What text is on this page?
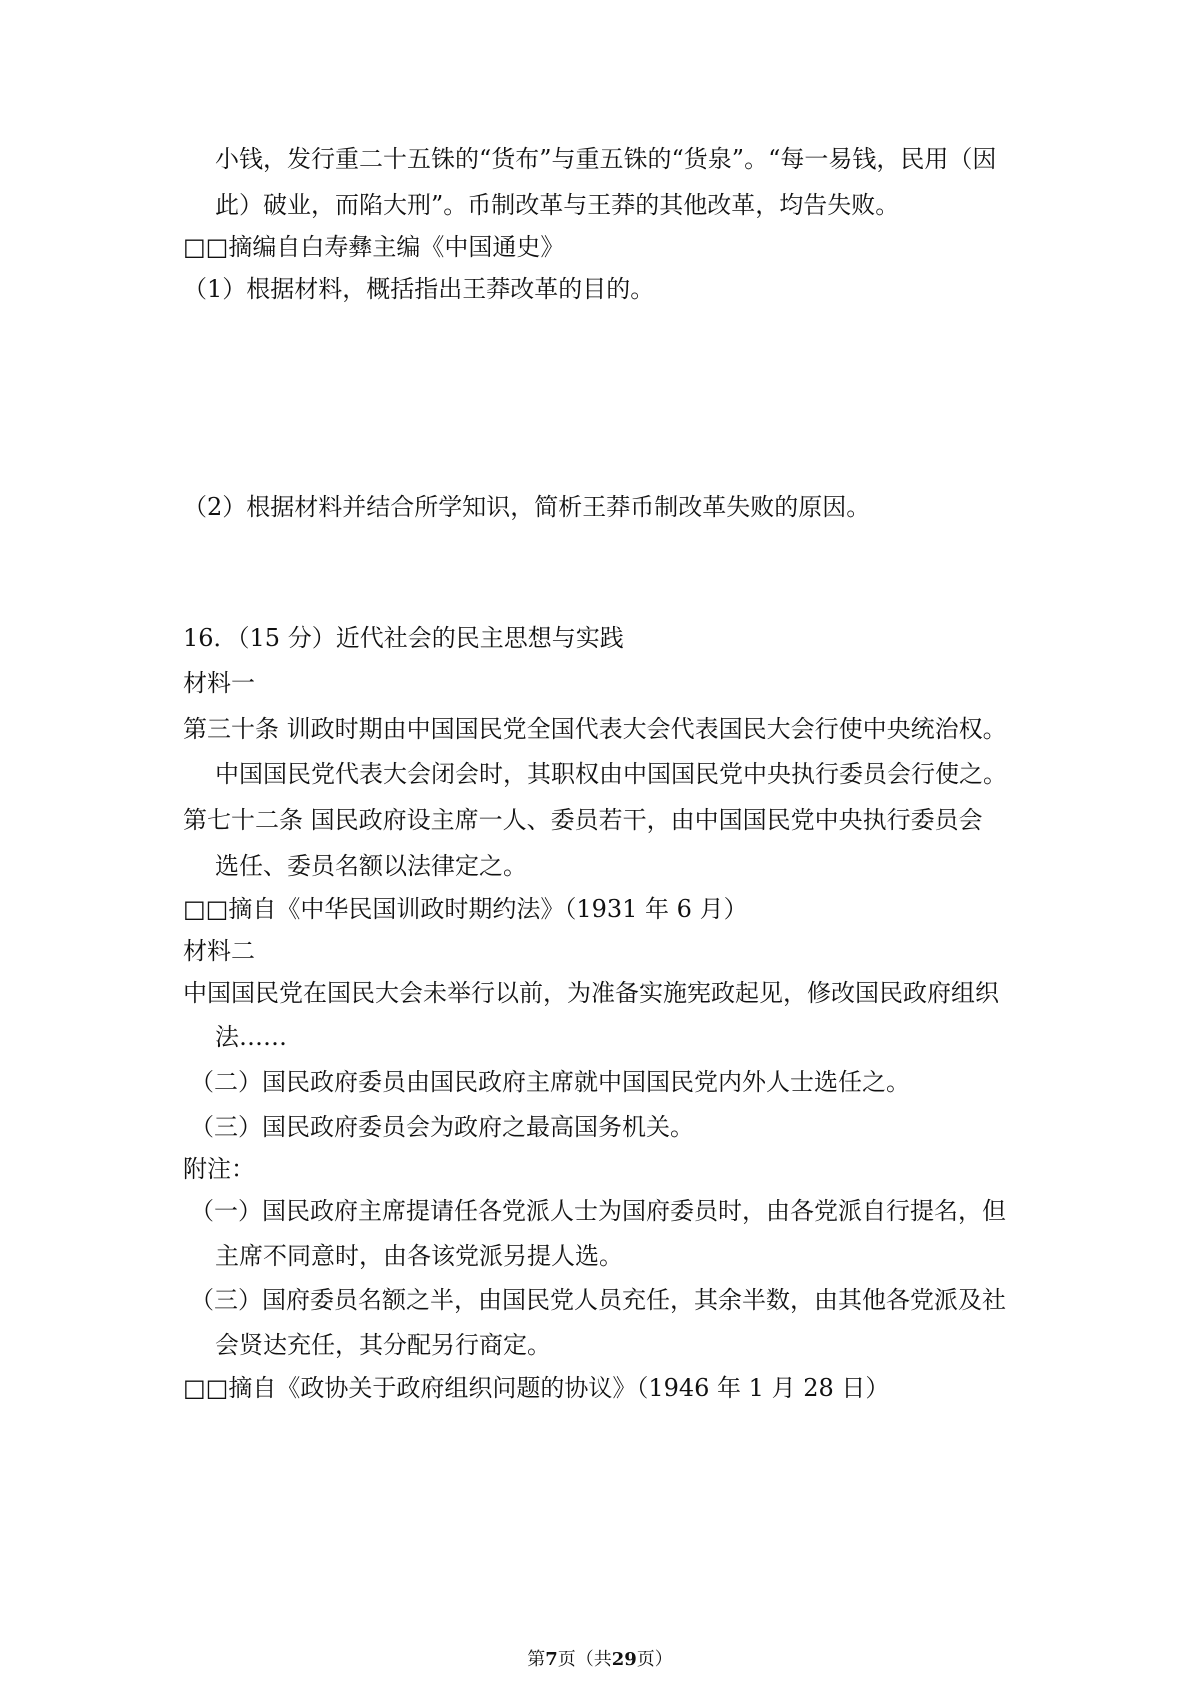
小钱，发行重二十五铢的“货布”与重五铢的“货泉”。“每一易钱，民用（因
此）破业，而陷大刑”。币制改革与王莽的其他改革，均告失败。
□□摘编自白寿彝主编《中国通史》
（1）根据材料，概括指出王莽改革的目的。
（2）根据材料并结合所学知识，简析王莽币制改革失败的原因。
16．（15 分）近代社会的民主思想与实践
材料一
第三十条 训政时期由中国国民党全国代表大会代表国民大会行使中央统治权。
中国国民党代表大会闭会时，其职权由中国国民党中央执行委员会行使之。
第七十二条 国民政府设主席一人、委员若干，由中国国民党中央执行委员会
选任、委员名额以法律定之。
□□摘自《中华民国训政时期约法》（1931 年 6 月）
材料二
中国国民党在国民大会未举行以前，为准备实施宪政起见，修改国民政府组织
法……
（二）国民政府委员由国民政府主席就中国国民党内外人士选任之。
（三）国民政府委员会为政府之最高国务机关。
附注：
（一）国民政府主席提请任各党派人士为国府委员时，由各党派自行提名，但
主席不同意时，由各该党派另提人选。
（三）国府委员名额之半，由国民党人员充任，其余半数，由其他各党派及社
会贤达充任，其分配另行商定。
□□摘自《政协关于政府组织问题的协议》（1946 年 1 月 28 日）
第7页（共29页）
